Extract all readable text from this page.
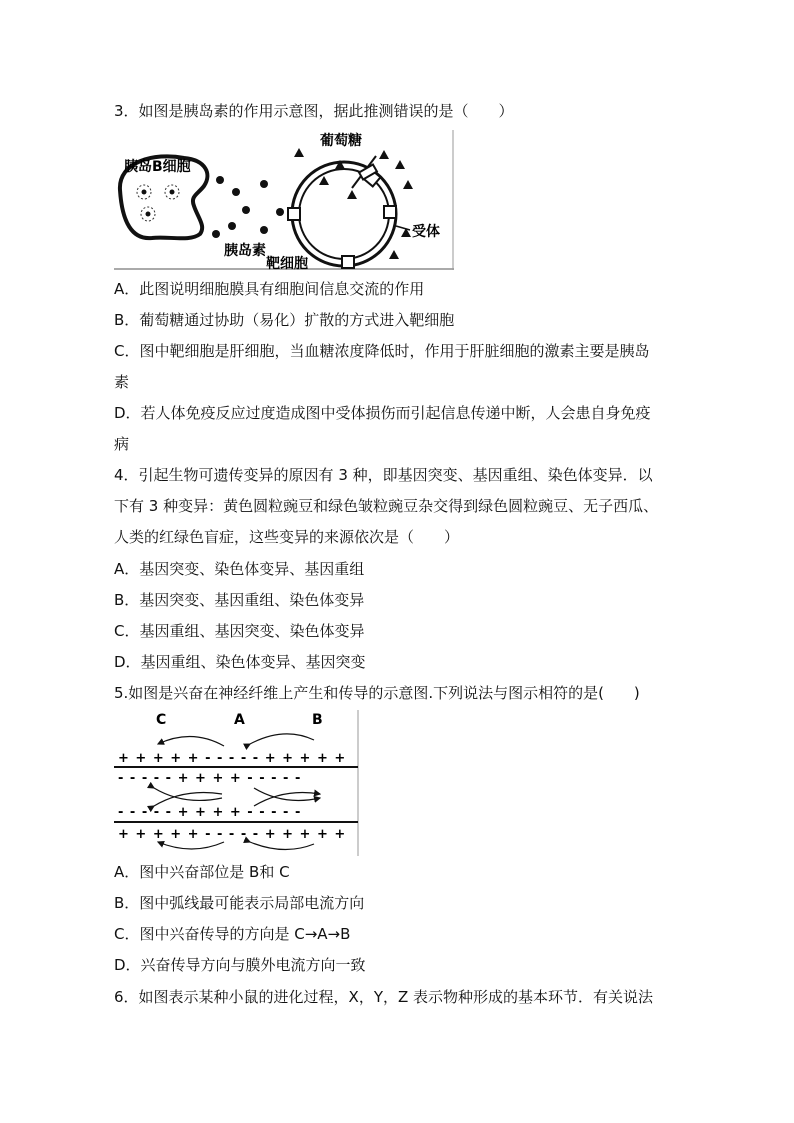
3．如图是胰岛素的作用示意图，据此推测错误的是（　　）
胰岛B细胞
胰岛素
葡萄糖
受体
靶细胞
A．此图说明细胞膜具有细胞间信息交流的作用
B．葡萄糖通过协助（易化）扩散的方式进入靶细胞
C．图中靶细胞是肝细胞，当血糖浓度降低时，作用于肝脏细胞的激素主要是胰岛
素
D．若人体免疫反应过度造成图中受体损伤而引起信息传递中断，人会患自身免疫
病
4．引起生物可遗传变异的原因有 3 种，即基因突变、基因重组、染色体变异．以
下有 3 种变异：黄色圆粒豌豆和绿色皱粒豌豆杂交得到绿色圆粒豌豆、无子西瓜、
人类的红绿色盲症，这些变异的来源依次是（　　）
A．基因突变、染色体变异、基因重组
B．基因突变、基因重组、染色体变异
C．基因重组、基因突变、染色体变异
D．基因重组、染色体变异、基因突变
5.如图是兴奋在神经纤维上产生和传导的示意图.下列说法与图示相符的是(　　)
C	A	B
+ + + + + - - - - - + + + + +
- - - - - + + + + - - - - -
- - - - - + + + + - - - - -
+ + + + + - - - - - + + + + +
A．图中兴奋部位是 B和 C
B．图中弧线最可能表示局部电流方向
C．图中兴奋传导的方向是 C→A→B
D．兴奋传导方向与膜外电流方向一致
6．如图表示某种小鼠的进化过程，X，Y，Z 表示物种形成的基本环节．有关说法
